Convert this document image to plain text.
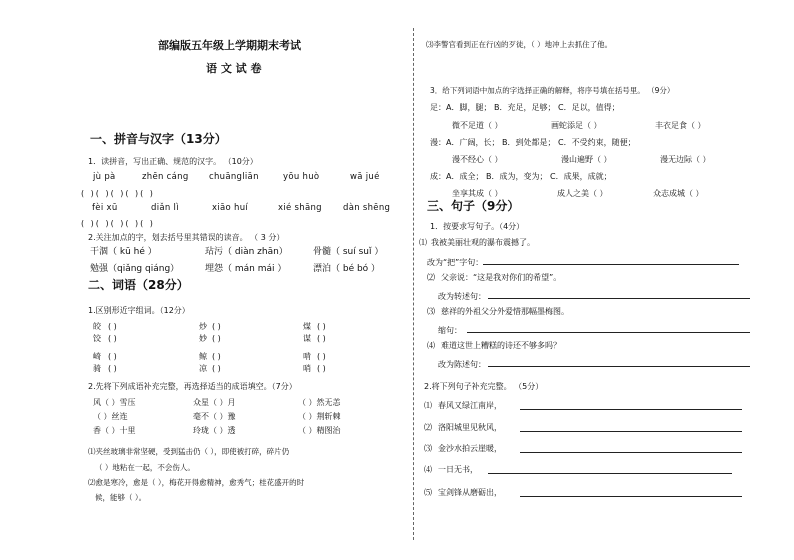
部编版五年级上学期期末考试
语 文 试 卷
一、拼音与汉字（13分）
1．读拼音，写出正确、规范的汉字。 （10分）
jù pà	zhēn cáng chuāngliān	yōu huò	wā jué
( )( )( )( )( )
fèi xū	diǎn lì	xiāo huí	xié shāng dàn shēng
( )( )( )( )( )
2.关注加点的字，划去括号里其错误的读音。 （ 3 分）
干涸（ kū hé ）	玷污（ diàn zhān）	骨髓（ suí suǐ ）
勉强（qiǎng qiáng）	埋怨（ mán mái ）	漂泊（ bé bó ）
二、词语（28分）
1.区别形近字组词。（12分）
皎 ( )	炒 ( )	煤 ( )
饺 ( )	妙 ( )	谋 ( )
崎 ( )	鲸 ( )	啃 ( )
骑 ( )	凉 ( )	哨 ( )
2.先将下列成语补充完整，再选择适当的成语填空。（7分）
风（ ）雪压	众星（ ）月	（ ）然无恙
（ ）丝连	毫不（ ）豫	（ ）荆斩棘
香（ ）十里	玲珑（ ）透	（ ）精图治
⑴夹丝玻璃非常坚硬，受到猛击仍（ ），即使被打碎，碎片仍
（ ）地粘在一起，不会伤人。
⑵愈是寒冷，愈是（ ），梅花开得愈精神，愈秀气；桂花盛开的时
候，能够（ ）。
⑶李警官看到正在行凶的歹徒，（ ）地冲上去抓住了他。
3．给下列词语中加点的字选择正确的解释，将序号填在括号里。 （9分）
足：A．脚，腿； B．充足，足够； C．足以，值得；
微不足道（ ）	画蛇添足（ ）	丰衣足食（ ）
漫：A．广阔，长； B．到处都是； C．不受约束，随便；
漫不经心（ ）	漫山遍野（ ）	漫无边际（ ）
成：A．成全； B．成为，变为； C．成果，成就；
坐享其成（ ）	成人之美（ ）	众志成城（ ）
三、句子（9分）
1．按要求写句子。（4分）
⑴ 我被美丽壮观的瀑布震撼了。
改为“把”字句：
⑵ 父亲说：“这是我对你们的希望”。
改为转述句：
⑶ 慈祥的外祖父分外爱惜那幅墨梅图。
缩句：
⑷ 难道这世上糟糕的诗还不够多吗？
改为陈述句：
2.将下列句子补充完整。 （5分）
⑴ 春风又绿江南岸，
⑵ 洛阳城里见秋风，
⑶ 金沙水拍云崖暖，
⑷ 一日无书，
⑸ 宝剑锋从磨砺出，
